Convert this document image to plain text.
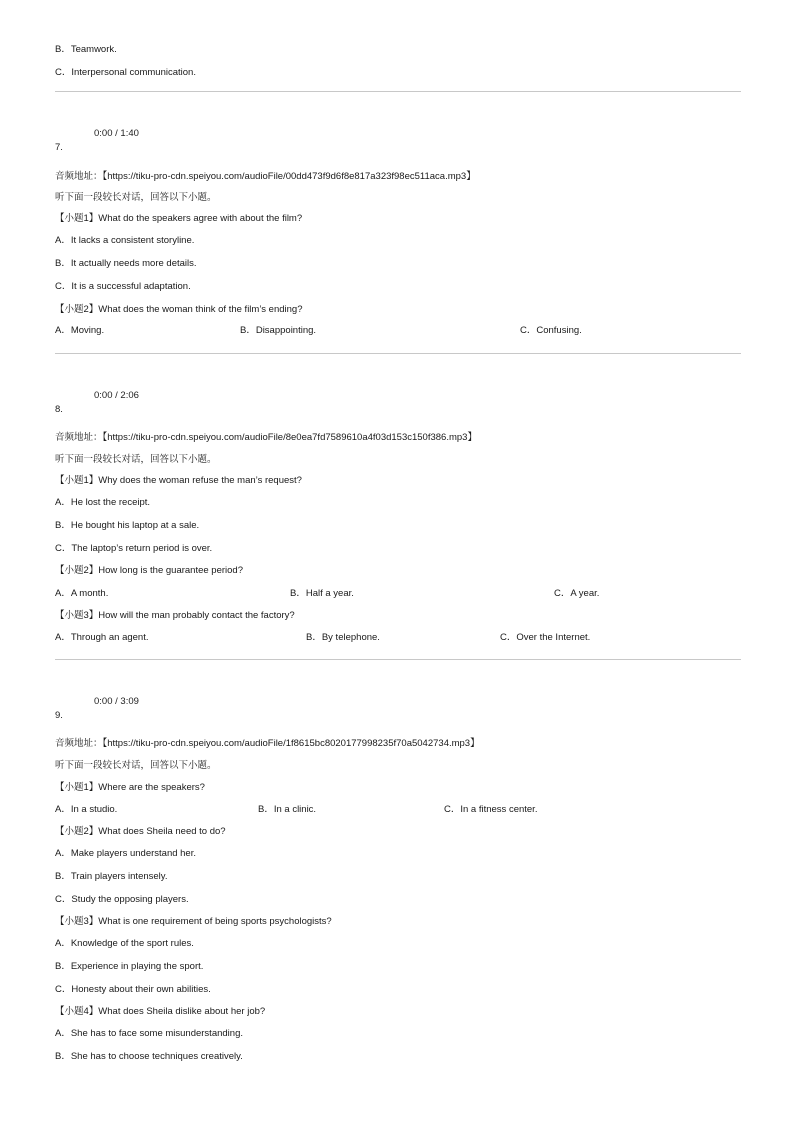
B．Teamwork.
C．Interpersonal communication.
0:00 / 1:40
7.
音频地址：【https://tiku-pro-cdn.speiyou.com/audioFile/00dd473f9d6f8e817a323f98ec511aca.mp3】
听下面一段较长对话，回答以下小题。
【小题1】What do the speakers agree with about the film?
A．It lacks a consistent storyline.
B．It actually needs more details.
C．It is a successful adaptation.
【小题2】What does the woman think of the film’s ending?
A．Moving.	B．Disappointing.	C．Confusing.
0:00 / 2:06
8.
音频地址：【https://tiku-pro-cdn.speiyou.com/audioFile/8e0ea7fd7589610a4f03d153c150f386.mp3】
听下面一段较长对话，回答以下小题。
【小题1】Why does the woman refuse the man’s request?
A．He lost the receipt.
B．He bought his laptop at a sale.
C．The laptop’s return period is over.
【小题2】How long is the guarantee period?
A．A month.	B．Half a year.	C．A year.
【小题3】How will the man probably contact the factory?
A．Through an agent.	B．By telephone.	C．Over the Internet.
0:00 / 3:09
9.
音频地址：【https://tiku-pro-cdn.speiyou.com/audioFile/1f8615bc8020177998235f70a5042734.mp3】
听下面一段较长对话，回答以下小题。
【小题1】Where are the speakers?
A．In a studio.	B．In a clinic.	C．In a fitness center.
【小题2】What does Sheila need to do?
A．Make players understand her.
B．Train players intensely.
C．Study the opposing players.
【小题3】What is one requirement of being sports psychologists?
A．Knowledge of the sport rules.
B．Experience in playing the sport.
C．Honesty about their own abilities.
【小题4】What does Sheila dislike about her job?
A．She has to face some misunderstanding.
B．She has to choose techniques creatively.
